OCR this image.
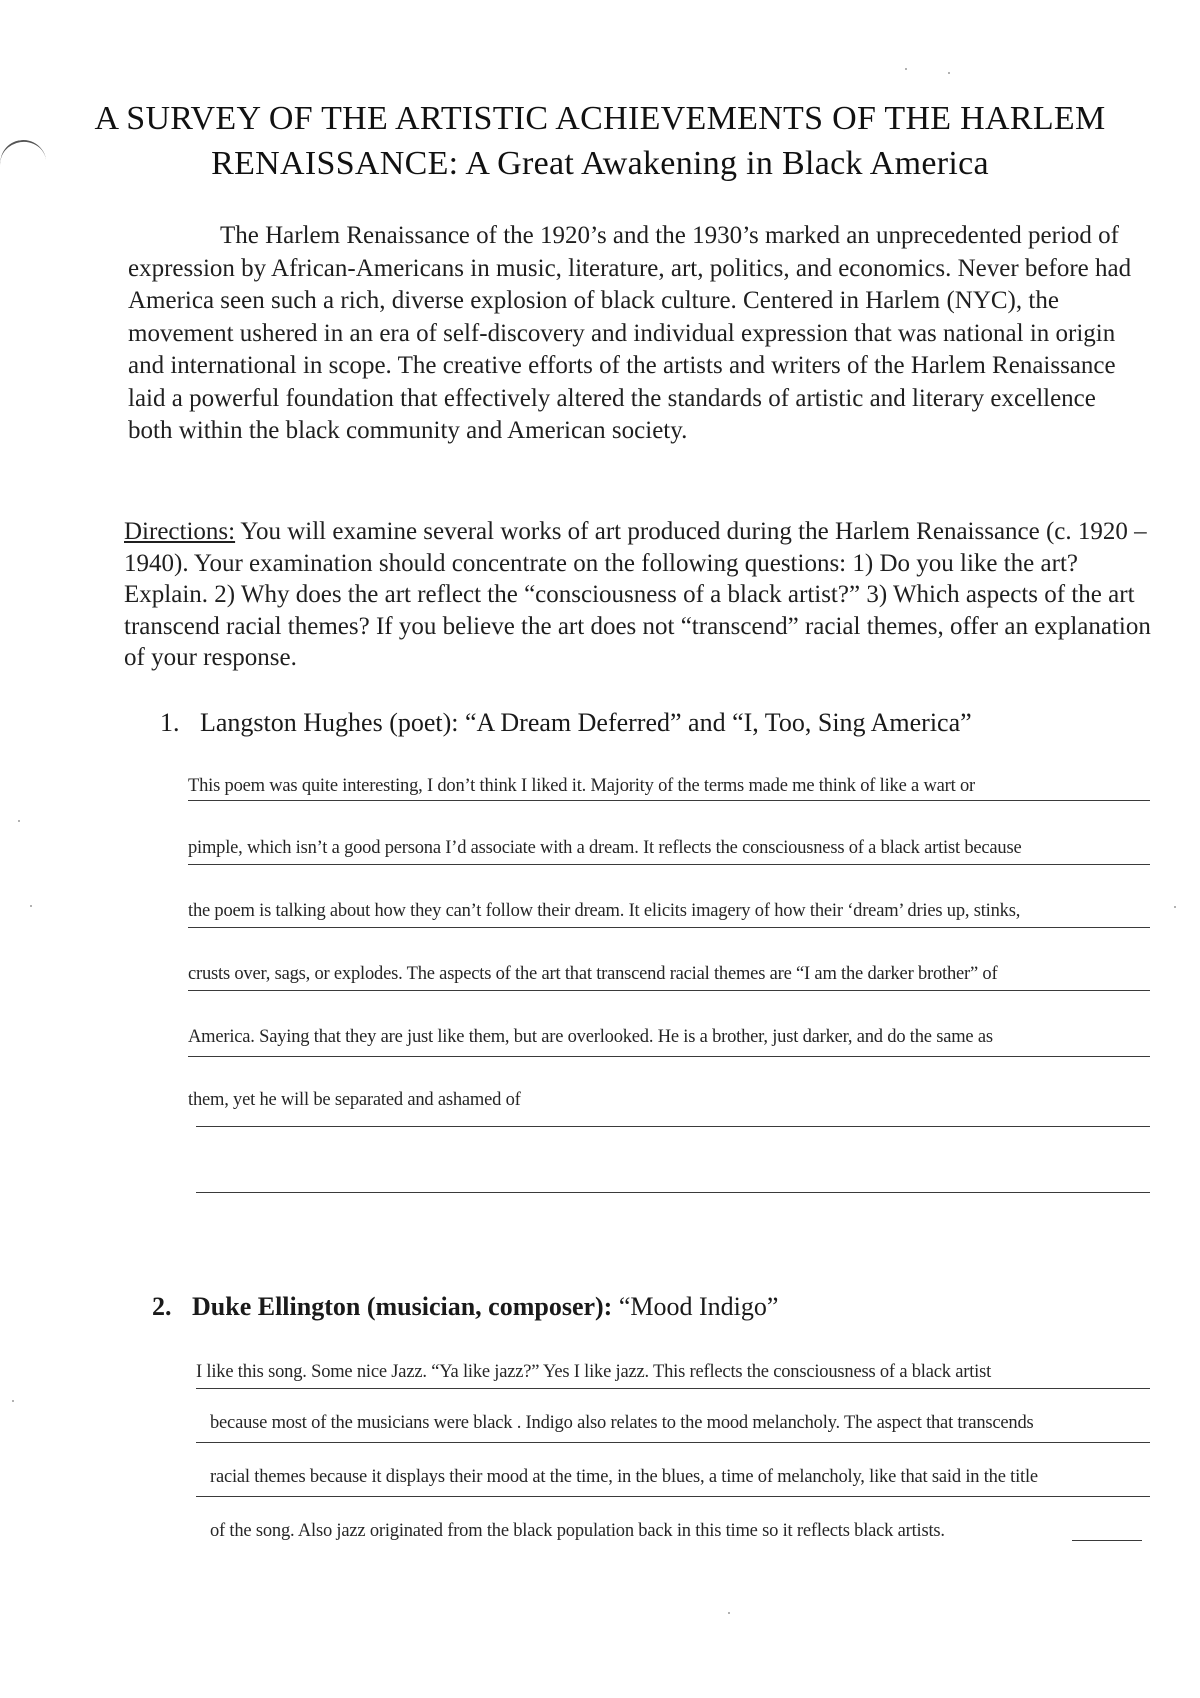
A SURVEY OF THE ARTISTIC ACHIEVEMENTS OF THE HARLEM
RENAISSANCE: A Great Awakening in Black America
The Harlem Renaissance of the 1920’s and the 1930’s marked an unprecedented period of expression by African-Americans in music, literature, art, politics, and economics. Never before had America seen such a rich, diverse explosion of black culture. Centered in Harlem (NYC), the movement ushered in an era of self-discovery and individual expression that was national in origin and international in scope. The creative efforts of the artists and writers of the Harlem Renaissance laid a powerful foundation that effectively altered the standards of artistic and literary excellence both within the black community and American society.
Directions: You will examine several works of art produced during the Harlem Renaissance (c. 1920 – 1940). Your examination should concentrate on the following questions: 1) Do you like the art? Explain. 2) Why does the art reflect the “consciousness of a black artist?” 3) Which aspects of the art transcend racial themes? If you believe the art does not “transcend” racial themes, offer an explanation of your response.
1. Langston Hughes (poet): “A Dream Deferred” and “I, Too, Sing America”
This poem was quite interesting, I don’t think I liked it. Majority of the terms made me think of like a wart or
pimple, which isn’t a good persona I’d associate with a dream. It reflects the consciousness of a black artist because
the poem is talking about how they can’t follow their dream. It elicits imagery of how their ‘dream’ dries up, stinks,
crusts over, sags, or explodes. The aspects of the art that transcend racial themes are “I am the darker brother” of
America. Saying that they are just like them, but are overlooked. He is a brother, just darker, and do the same as
them, yet he will be separated and ashamed of
2. Duke Ellington (musician, composer): “Mood Indigo”
I like this song. Some nice Jazz. “Ya like jazz?” Yes I like jazz. This reflects the consciousness of a black artist
because most of the musicians were black . Indigo also relates to the mood melancholy. The aspect that transcends
racial themes because it displays their mood at the time, in the blues, a time of melancholy, like that said in the title
of the song. Also jazz originated from the black population back in this time so it reflects black artists.
